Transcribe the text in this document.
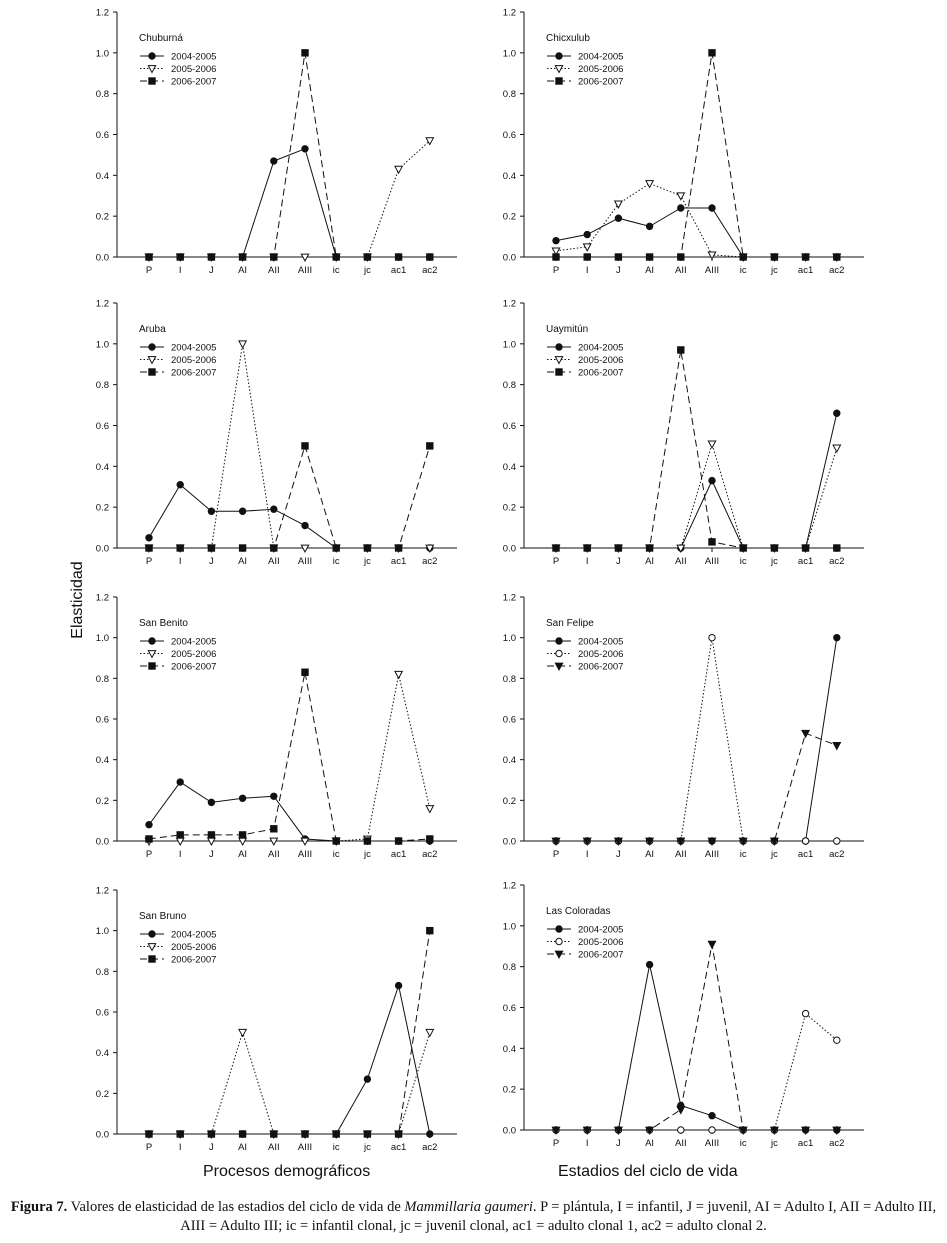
0.0
0.2
0.4
0.6
0.8
1.0
1.2
P	I	J	AI AII AIII ic	jc ac1 ac2
Chuburná
2004-2005
2005-2006
2006-2007
0.0
0.2
0.4
0.6
0.8
1.0
1.2
P	I	J	AI AII AIII ic	jc ac1 ac2
Chicxulub
2004-2005
2005-2006
2006-2007
0.0
0.2
0.4
0.6
0.8
1.0
1.2
P	I	J	AI AII AIII ic	jc ac1 ac2
Aruba
2004-2005
2005-2006
2006-2007
0.0
0.2
0.4
0.6
0.8
1.0
1.2
P	I	J	AI AII AIII ic	jc ac1 ac2
Uaymitún
2004-2005
2005-2006
2006-2007
0.0
0.2
0.4
0.6
0.8
1.0
1.2
P	I	J	AI AII AIII ic	jc ac1 ac2
San Benito
2004-2005
2005-2006
2006-2007
0.0
0.2
0.4
0.6
0.8
1.0
1.2
P	I	J	AI AII AIII ic	jc ac1 ac2
San Felipe
2004-2005
2005-2006
2006-2007
0.0
0.2
0.4
0.6
0.8
1.0
1.2
P	I	J	AI AII AIII ic	jc ac1 ac2
San Bruno
2004-2005
2005-2006
2006-2007
0.0
0.2
0.4
0.6
0.8
1.0
1.2
P	I	J	AI AII AIII ic	jc ac1 ac2
Las Coloradas
2004-2005
2005-2006
2006-2007
Elasticidad
Procesos demográficos	Estadios del ciclo de vida
Figura 7. Valores de elasticidad de las estadios del ciclo de vida de Mammillaria gaumeri. P = plántula, I = infantil, J = juvenil, AI = Adulto I, AII = Adulto III, AIII = Adulto III; ic = infantil clonal, jc = juvenil clonal, ac1 = adulto clonal 1, ac2 = adulto clonal 2.
